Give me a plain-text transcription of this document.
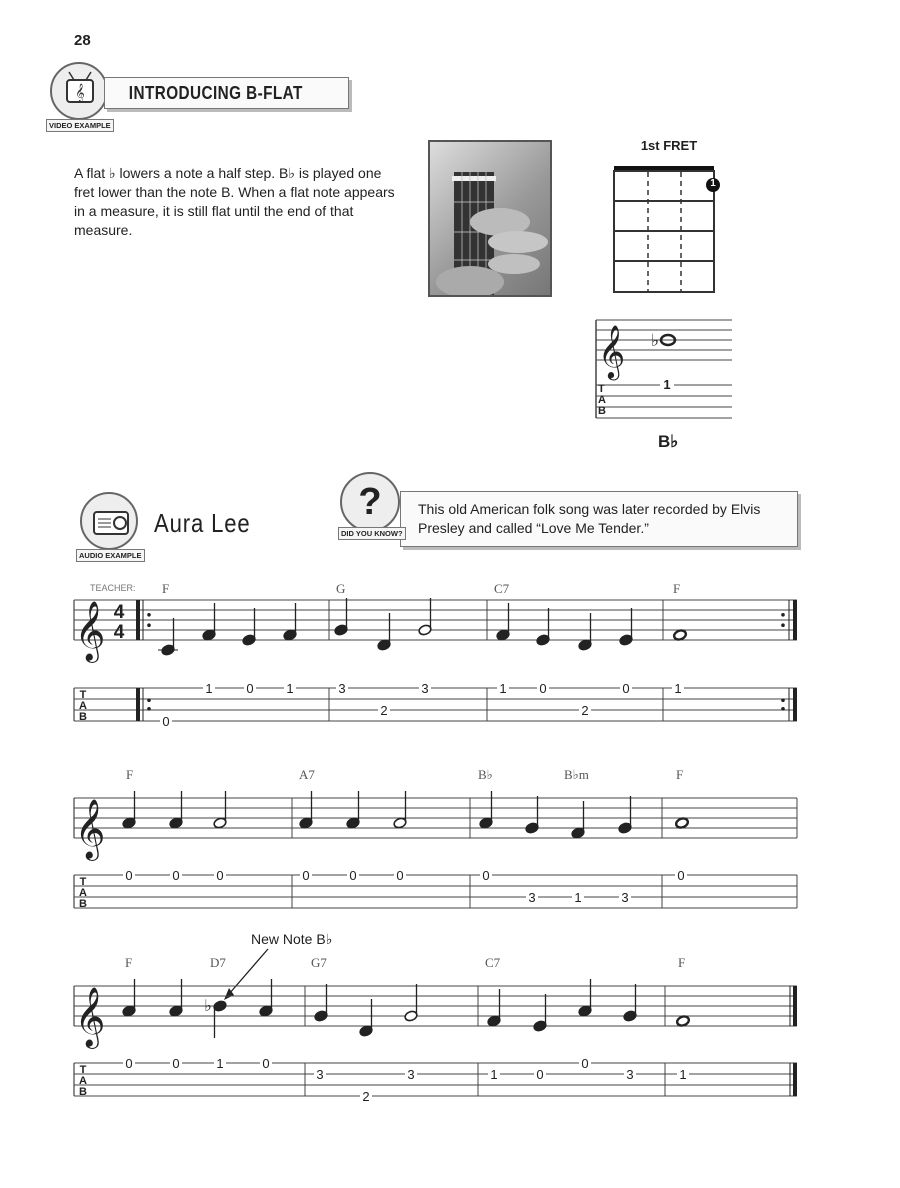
28
𝄞
VIDEO EXAMPLE
INTRODUCING B-FLAT
A flat ♭ lowers a note a half step. B♭ is played one fret lower than the note B. When a flat note appears in a measure, it is still flat until the end of that measure.
1st FRET
1
𝄞 ♭
1
T
A
B
B♭
AUDIO EXAMPLE
Aura Lee	?
DID YOU KNOW?
This old American folk song was later recorded by Elvis Presley and called “Love Me Tender.”
TEACHER:
New Note B♭
F	G	C7	F
F	A7	B♭	B♭m	F
F	D7	G7	C7	F
𝄞
T
A
B
4
4
0
1	0	1	3
2
3	1	0
2
0	1
𝄞
T
A
B
0	0	0	0	0	0	0
3	1	3
0
𝄞
T
A
B
♭
0	0	1	0
3
2
3	1	0
0
3	1
